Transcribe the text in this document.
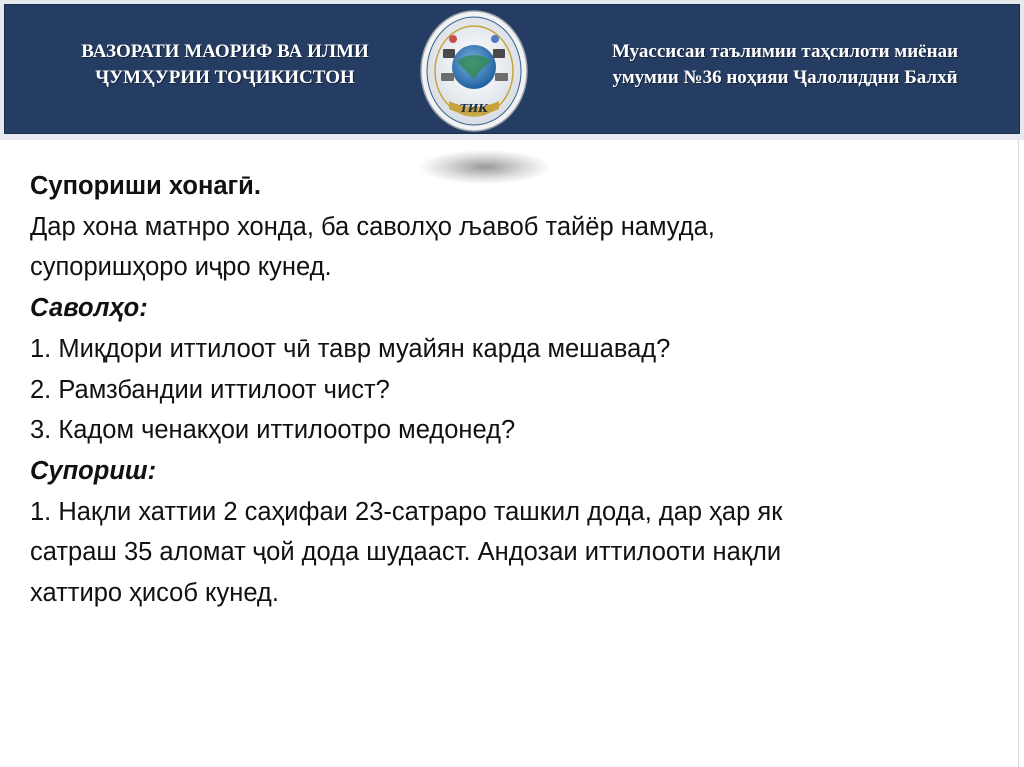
ВАЗОРАТИ МАОРИФ ВА ИЛМИ
ҶУМҲУРИИ ТОҶИКИСТОН
ТИК
Муассисаи таълимии таҳсилоти миёнаи
умумии №36 ноҳияи Ҷалолиддни Балхӣ

Супориши хонагӣ.

Дар хона матнро хонда, ба саволҳо љавоб тайёр намуда,

супоришҳоро иҷро кунед.

Саволҳо:

1. Миқдори иттилоот чӣ тавр муайян карда мешавад?

2. Рамзбандии иттилоот чист?

3. Кадом ченакҳои иттилоотро медонед?

Супориш:

1. Нақли хаттии 2 саҳифаи 23-сатраро ташкил дода, дар ҳар як

сатраш 35 аломат ҷой дода шудааст. Андозаи иттилооти нақли

хаттиро ҳисоб кунед.
